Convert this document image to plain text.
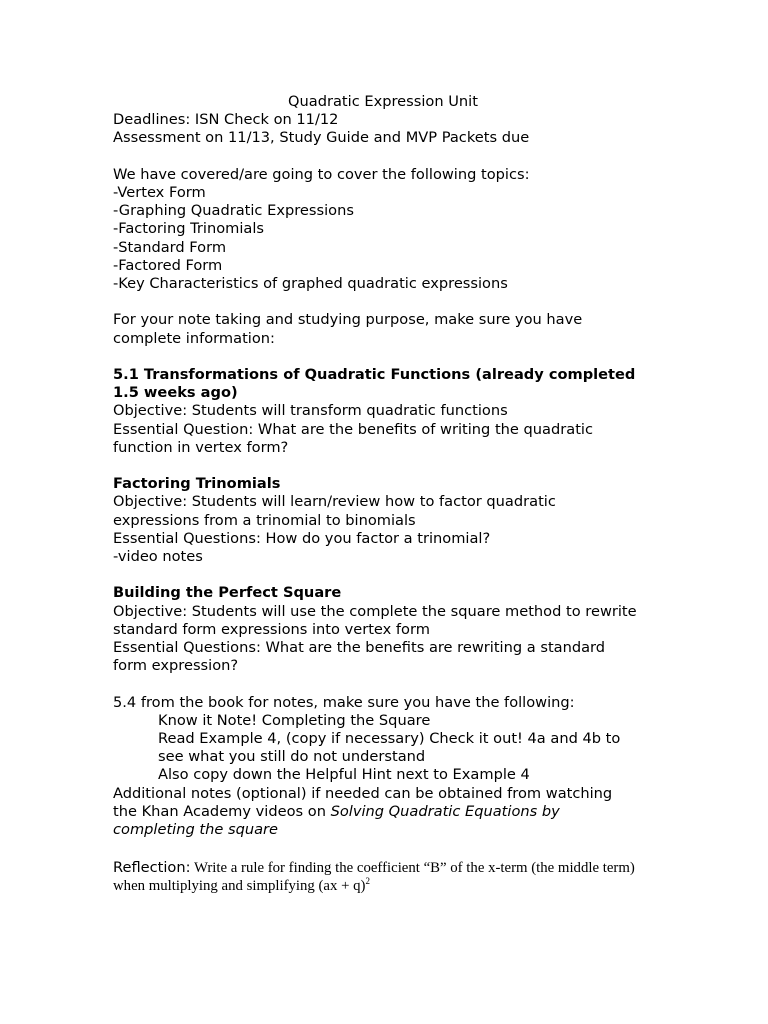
Quadratic Expression Unit

Deadlines: ISN Check on 11/12

Assessment on 11/13, Study Guide and MVP Packets due

We have covered/are going to cover the following topics:

-Vertex Form

-Graphing Quadratic Expressions

-Factoring Trinomials

-Standard Form

-Factored Form

-Key Characteristics of graphed quadratic expressions

For your note taking and studying purpose, make sure you have

complete information:

5.1 Transformations of Quadratic Functions (already completed

1.5 weeks ago)

Objective: Students will transform quadratic functions

Essential Question: What are the benefits of writing the quadratic

function in vertex form?

Factoring Trinomials

Objective: Students will learn/review how to factor quadratic

expressions from a trinomial to binomials

Essential Questions: How do you factor a trinomial?

-video notes

Building the Perfect Square

Objective: Students will use the complete the square method to rewrite

standard form expressions into vertex form

Essential Questions: What are the benefits are rewriting a standard

form expression?

5.4 from the book for notes, make sure you have the following:

Know it Note! Completing the Square

Read Example 4, (copy if necessary) Check it out! 4a and 4b to

see what you still do not understand

Also copy down the Helpful Hint next to Example 4

Additional notes (optional) if needed can be obtained from watching

the Khan Academy videos on Solving Quadratic Equations by

completing the square

Reflection: Write a rule for finding the coefficient “B” of the x-term (the middle term)

when multiplying and simplifying (ax + q)$^2$
